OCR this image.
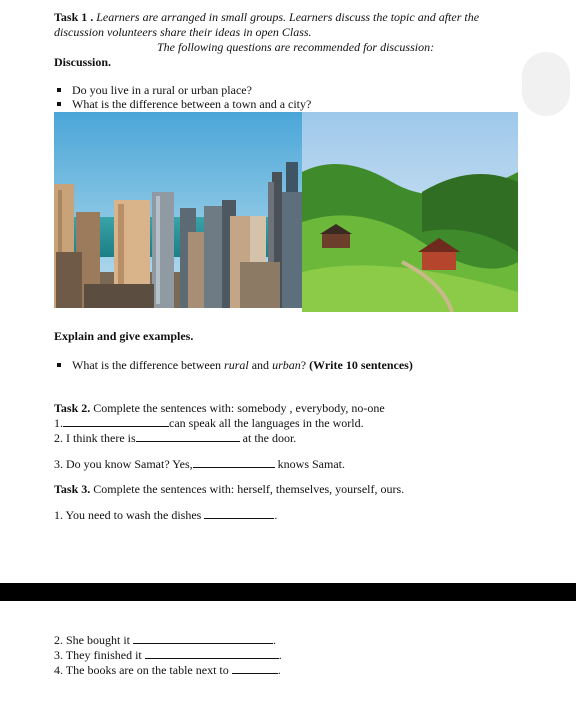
Task 1 . Learners are arranged in small groups. Learners discuss the topic and after the
discussion volunteers share their ideas in open Class.
The following questions are recommended for discussion:
Discussion.
Do you live in a rural or urban place?
What is the difference between a town and a city?
Explain and give examples.
What is the difference between rural and urban? (Write 10 sentences)
Task 2. Complete the sentences with: somebody , everybody, no-one
1.	can speak all the languages in the world.
2. I think there is	at the door.
3. Do you know Samat? Yes,	knows Samat.
Task 3. Complete the sentences with: herself, themselves, yourself, ours.
1. You need to wash the dishes	.
2. She bought it	.
3. They finished it	.
4. The books are on the table next to	.
